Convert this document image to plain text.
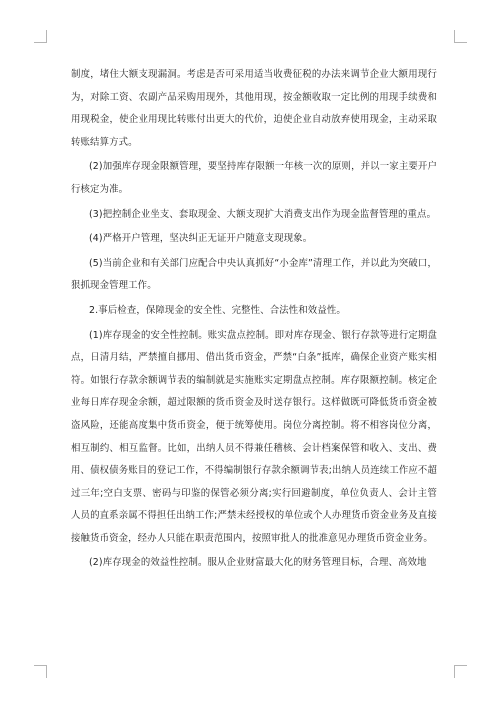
制度，堵住大额支现漏洞。考虑是否可采用适当收费征税的办法来调节企业大额用现行为，对除工资、农副产品采购用现外，其他用现，按金额收取一定比例的用现手续费和用现税金，使企业用现比转账付出更大的代价，迫使企业自动放弃使用现金，主动采取转账结算方式。

(2)加强库存现金限额管理，要坚持库存限额一年核一次的原则，并以一家主要开户行核定为准。

(3)把控制企业坐支、套取现金、大额支现扩大消费支出作为现金监督管理的重点。

(4)严格开户管理，坚决纠正无证开户随意支现现象。

(5)当前企业和有关部门应配合中央认真抓好“小金库”清理工作，并以此为突破口，狠抓现金管理工作。

2.事后检查，保障现金的安全性、完整性、合法性和效益性。

(1)库存现金的安全性控制。账实盘点控制。即对库存现金、银行存款等进行定期盘点，日清月结，严禁擅自挪用、借出货币资金，严禁“白条”抵库，确保企业资产账实相符。如银行存款余额调节表的编制就是实施账实定期盘点控制。库存限额控制。核定企业每日库存现金余额，超过限额的货币资金及时送存银行。这样做既可降低货币资金被盗风险，还能高度集中货币资金，便于统筹使用。岗位分离控制。将不相容岗位分离，相互制约、相互监督。比如，出纳人员不得兼任稽核、会计档案保管和收入、支出、费用、债权债务账目的登记工作，不得编制银行存款余额调节表;出纳人员连续工作应不超过三年;空白支票、密码与印鉴的保管必须分离;实行回避制度，单位负责人、会计主管人员的直系亲属不得担任出纳工作;严禁未经授权的单位或个人办理货币资金业务及直接接触货币资金，经办人只能在职责范围内，按照审批人的批准意见办理货币资金业务。

(2)库存现金的效益性控制。服从企业财富最大化的财务管理目标，合理、高效地
